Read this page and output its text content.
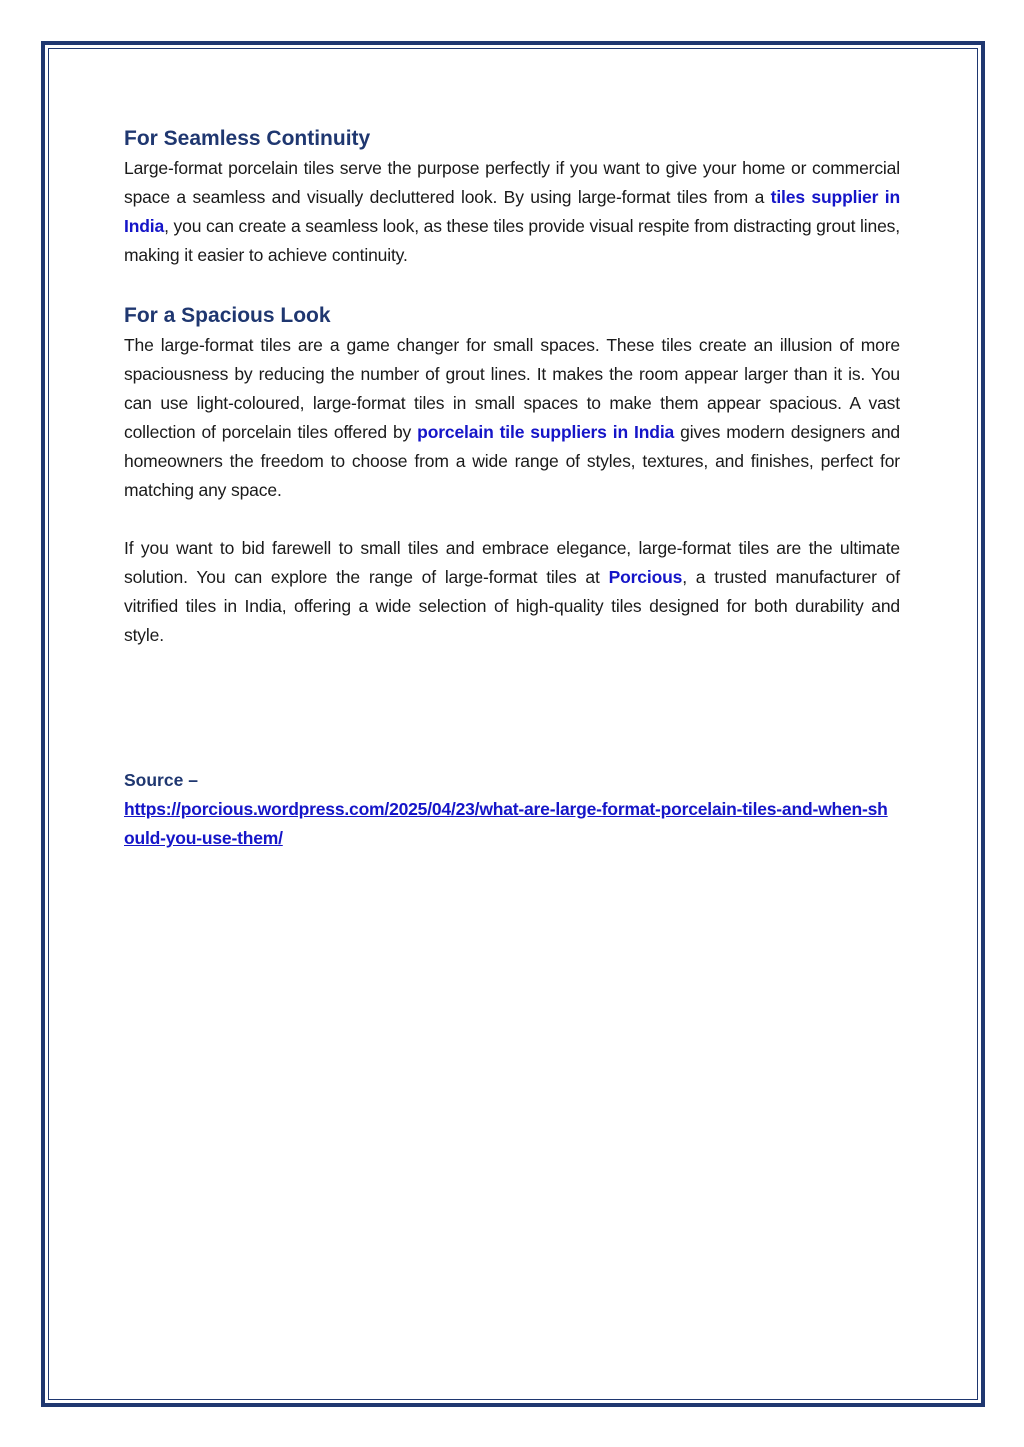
For Seamless Continuity

Large-format porcelain tiles serve the purpose perfectly if you want to give your home or commercial space a seamless and visually decluttered look. By using large-format tiles from a tiles supplier in India, you can create a seamless look, as these tiles provide visual respite from distracting grout lines, making it easier to achieve continuity.

For a Spacious Look

The large-format tiles are a game changer for small spaces. These tiles create an illusion of more spaciousness by reducing the number of grout lines. It makes the room appear larger than it is. You can use light-coloured, large-format tiles in small spaces to make them appear spacious. A vast collection of porcelain tiles offered by porcelain tile suppliers in India gives modern designers and homeowners the freedom to choose from a wide range of styles, textures, and finishes, perfect for matching any space.

If you want to bid farewell to small tiles and embrace elegance, large-format tiles are the ultimate solution. You can explore the range of large-format tiles at Porcious, a trusted manufacturer of vitrified tiles in India, offering a wide selection of high-quality tiles designed for both durability and style.

Source –
https://porcious.wordpress.com/2025/04/23/what-are-large-format-porcelain-tiles-and-when-should-you-use-them/
